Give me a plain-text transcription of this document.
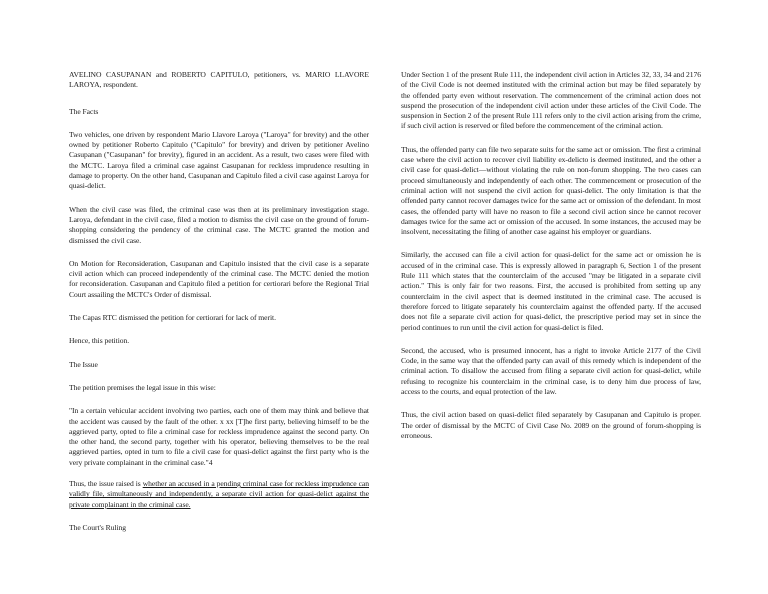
AVELINO CASUPANAN and ROBERTO CAPITULO, petitioners, vs. MARIO LLAVORE LAROYA, respondent.

The Facts

Two vehicles, one driven by respondent Mario Llavore Laroya ("Laroya" for brevity) and the other owned by petitioner Roberto Capitulo ("Capitulo" for brevity) and driven by petitioner Avelino Casupanan ("Casupanan" for brevity), figured in an accident. As a result, two cases were filed with the MCTC. Laroya filed a criminal case against Casupanan for reckless imprudence resulting in damage to property. On the other hand, Casupanan and Capitulo filed a civil case against Laroya for quasi-delict.

When the civil case was filed, the criminal case was then at its preliminary investigation stage. Laroya, defendant in the civil case, filed a motion to dismiss the civil case on the ground of forum-shopping considering the pendency of the criminal case. The MCTC granted the motion and dismissed the civil case.

On Motion for Reconsideration, Casupanan and Capitulo insisted that the civil case is a separate civil action which can proceed independently of the criminal case. The MCTC denied the motion for reconsideration. Casupanan and Capitulo filed a petition for certiorari before the Regional Trial Court assailing the MCTC's Order of dismissal.

The Capas RTC dismissed the petition for certiorari for lack of merit.

Hence, this petition.

The Issue

The petition premises the legal issue in this wise:

"In a certain vehicular accident involving two parties, each one of them may think and believe that the accident was caused by the fault of the other. x xx [T]he first party, believing himself to be the aggrieved party, opted to file a criminal case for reckless imprudence against the second party. On the other hand, the second party, together with his operator, believing themselves to be the real aggrieved parties, opted in turn to file a civil case for quasi-delict against the first party who is the very private complainant in the criminal case."4

Thus, the issue raised is whether an accused in a pending criminal case for reckless imprudence can validly file, simultaneously and independently, a separate civil action for quasi-delict against the private complainant in the criminal case.

The Court's Ruling

Under Section 1 of the present Rule 111, the independent civil action in Articles 32, 33, 34 and 2176 of the Civil Code is not deemed instituted with the criminal action but may be filed separately by the offended party even without reservation. The commencement of the criminal action does not suspend the prosecution of the independent civil action under these articles of the Civil Code. The suspension in Section 2 of the present Rule 111 refers only to the civil action arising from the crime, if such civil action is reserved or filed before the commencement of the criminal action.

Thus, the offended party can file two separate suits for the same act or omission. The first a criminal case where the civil action to recover civil liability ex-delicto is deemed instituted, and the other a civil case for quasi-delict—without violating the rule on non-forum shopping. The two cases can proceed simultaneously and independently of each other. The commencement or prosecution of the criminal action will not suspend the civil action for quasi-delict. The only limitation is that the offended party cannot recover damages twice for the same act or omission of the defendant. In most cases, the offended party will have no reason to file a second civil action since he cannot recover damages twice for the same act or omission of the accused. In some instances, the accused may be insolvent, necessitating the filing of another case against his employer or guardians.

Similarly, the accused can file a civil action for quasi-delict for the same act or omission he is accused of in the criminal case. This is expressly allowed in paragraph 6, Section 1 of the present Rule 111 which states that the counterclaim of the accused "may be litigated in a separate civil action." This is only fair for two reasons. First, the accused is prohibited from setting up any counterclaim in the civil aspect that is deemed instituted in the criminal case. The accused is therefore forced to litigate separately his counterclaim against the offended party. If the accused does not file a separate civil action for quasi-delict, the prescriptive period may set in since the period continues to run until the civil action for quasi-delict is filed.

Second, the accused, who is presumed innocent, has a right to invoke Article 2177 of the Civil Code, in the same way that the offended party can avail of this remedy which is independent of the criminal action. To disallow the accused from filing a separate civil action for quasi-delict, while refusing to recognize his counterclaim in the criminal case, is to deny him due process of law, access to the courts, and equal protection of the law.

Thus, the civil action based on quasi-delict filed separately by Casupanan and Capitulo is proper. The order of dismissal by the MCTC of Civil Case No. 2089 on the ground of forum-shopping is erroneous.
